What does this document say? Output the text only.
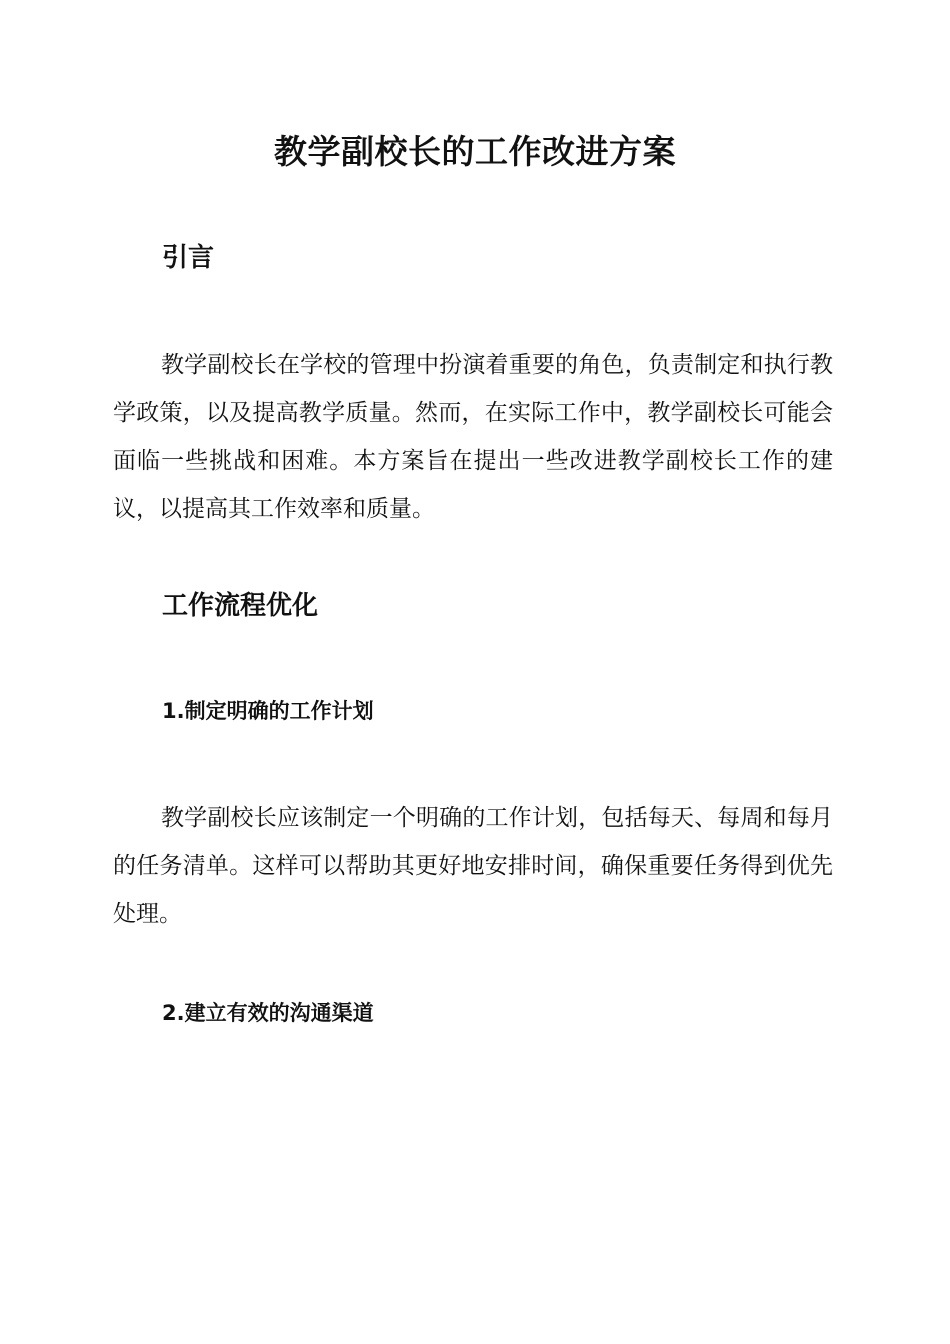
教学副校长的工作改进方案
引言

教学副校长在学校的管理中扮演着重要的角色，负责制定和执行教学政策，以及提高教学质量。然而，在实际工作中，教学副校长可能会面临一些挑战和困难。本方案旨在提出一些改进教学副校长工作的建议，以提高其工作效率和质量。

工作流程优化
1.制定明确的工作计划

教学副校长应该制定一个明确的工作计划，包括每天、每周和每月的任务清单。这样可以帮助其更好地安排时间，确保重要任务得到优先处理。

2.建立有效的沟通渠道
